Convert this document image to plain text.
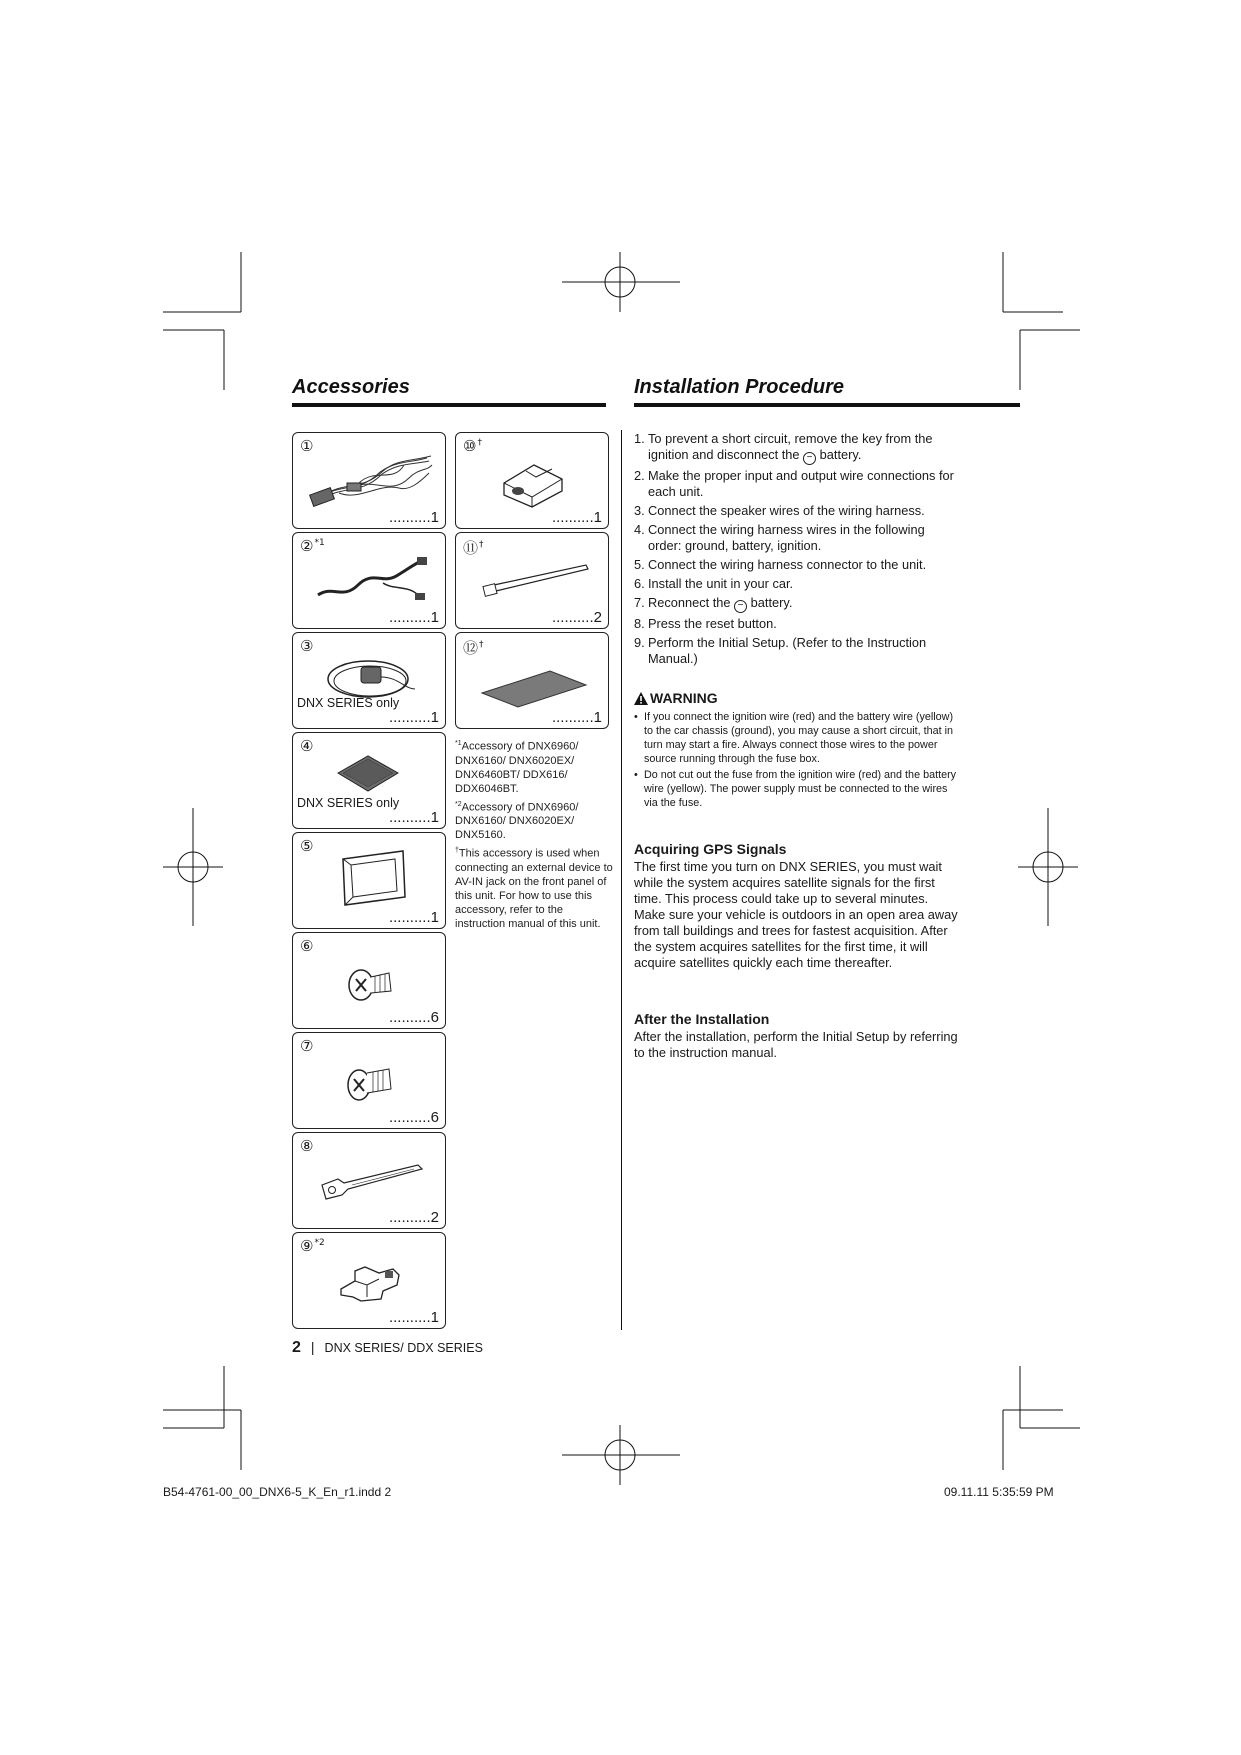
Accessories	Installation Procedure
①
..........1
②$^{*1}$
..........1
③
DNX SERIES only
..........1
④
DNX SERIES only
..........1
⑤
..........1
⑥
..........6
⑦
..........6
⑧
..........2
⑨$^{*2}$
..........1
⑩†
..........1
⑪†
..........2
⑫†
..........1
$^{*1}$Accessory of DNX6960/ DNX6160/ DNX6020EX/ DNX6460BT/ DDX616/ DDX6046BT.
$^{*2}$Accessory of DNX6960/ DNX6160/ DNX6020EX/ DNX5160.
†This accessory is used when connecting an external device to AV-IN jack on the front panel of this unit. For how to use this accessory, refer to the instruction manual of this unit.
1. To prevent a short circuit, remove the key from the ignition and disconnect the − battery.
2. Make the proper input and output wire connections for each unit.
3. Connect the speaker wires of the wiring harness.
4. Connect the wiring harness wires in the following order: ground, battery, ignition.
5. Connect the wiring harness connector to the unit.
6. Install the unit in your car.
7. Reconnect the − battery.
8. Press the reset button.
9. Perform the Initial Setup. (Refer to the Instruction Manual.)
WARNING
• If you connect the ignition wire (red) and the battery wire (yellow) to the car chassis (ground), you may cause a short circuit, that in turn may start a fire. Always connect those wires to the power source running through the fuse box.
• Do not cut out the fuse from the ignition wire (red) and the battery wire (yellow). The power supply must be connected to the wires via the fuse.
Acquiring GPS Signals
The first time you turn on DNX SERIES, you must wait while the system acquires satellite signals for the first time. This process could take up to several minutes. Make sure your vehicle is outdoors in an open area away from tall buildings and trees for fastest acquisition. After the system acquires satellites for the first time, it will acquire satellites quickly each time thereafter.
After the Installation
After the installation, perform the Initial Setup by referring to the instruction manual.
2 | DNX SERIES/ DDX SERIES
B54-4761-00_00_DNX6-5_K_En_r1.indd 2	09.11.11 5:35:59 PM
